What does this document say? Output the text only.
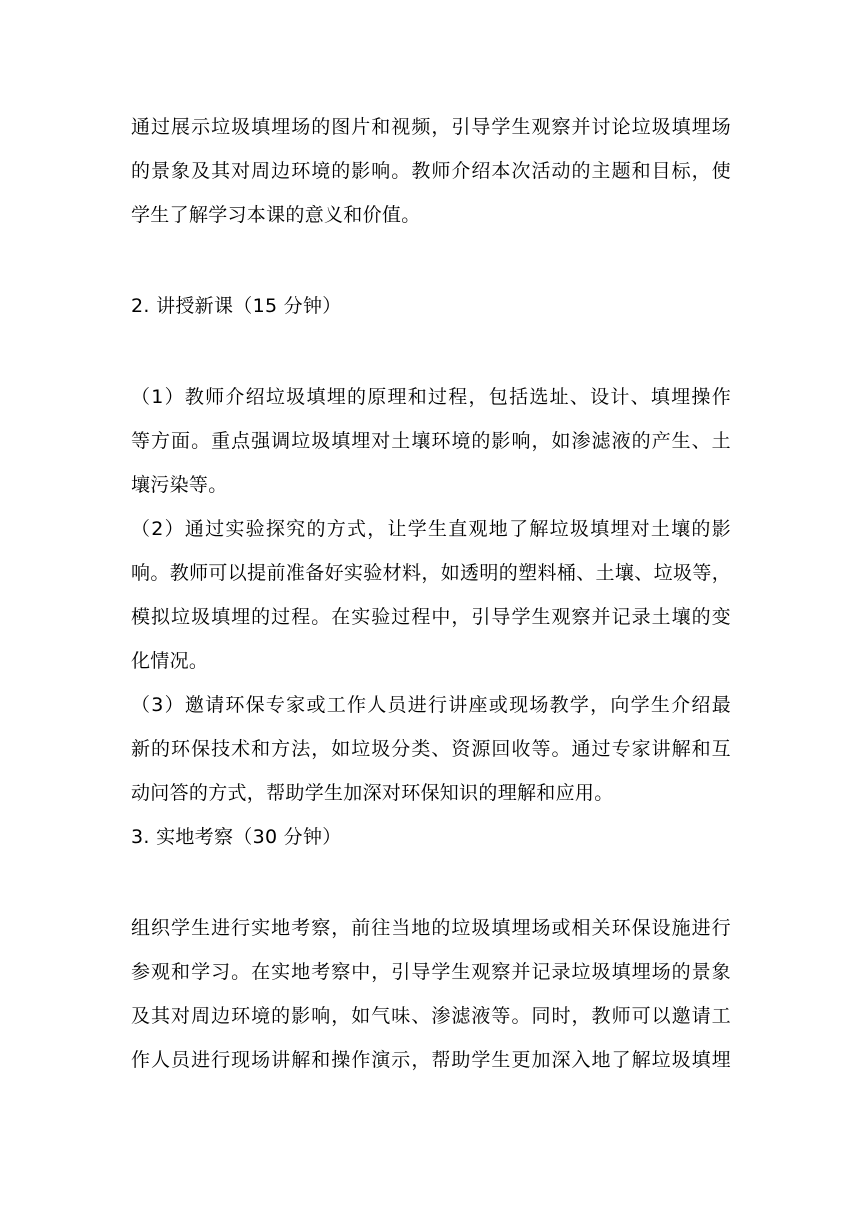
通过展示垃圾填埋场的图片和视频，引导学生观察并讨论垃圾填埋场
的景象及其对周边环境的影响。教师介绍本次活动的主题和目标，使
学生了解学习本课的意义和价值。
2. 讲授新课（15 分钟）
（1）教师介绍垃圾填埋的原理和过程，包括选址、设计、填埋操作
等方面。重点强调垃圾填埋对土壤环境的影响，如渗滤液的产生、土
壤污染等。
（2）通过实验探究的方式，让学生直观地了解垃圾填埋对土壤的影
响。教师可以提前准备好实验材料，如透明的塑料桶、土壤、垃圾等，
模拟垃圾填埋的过程。在实验过程中，引导学生观察并记录土壤的变
化情况。
（3）邀请环保专家或工作人员进行讲座或现场教学，向学生介绍最
新的环保技术和方法，如垃圾分类、资源回收等。通过专家讲解和互
动问答的方式，帮助学生加深对环保知识的理解和应用。
3. 实地考察（30 分钟）
组织学生进行实地考察，前往当地的垃圾填埋场或相关环保设施进行
参观和学习。在实地考察中，引导学生观察并记录垃圾填埋场的景象
及其对周边环境的影响，如气味、渗滤液等。同时，教师可以邀请工
作人员进行现场讲解和操作演示，帮助学生更加深入地了解垃圾填埋
